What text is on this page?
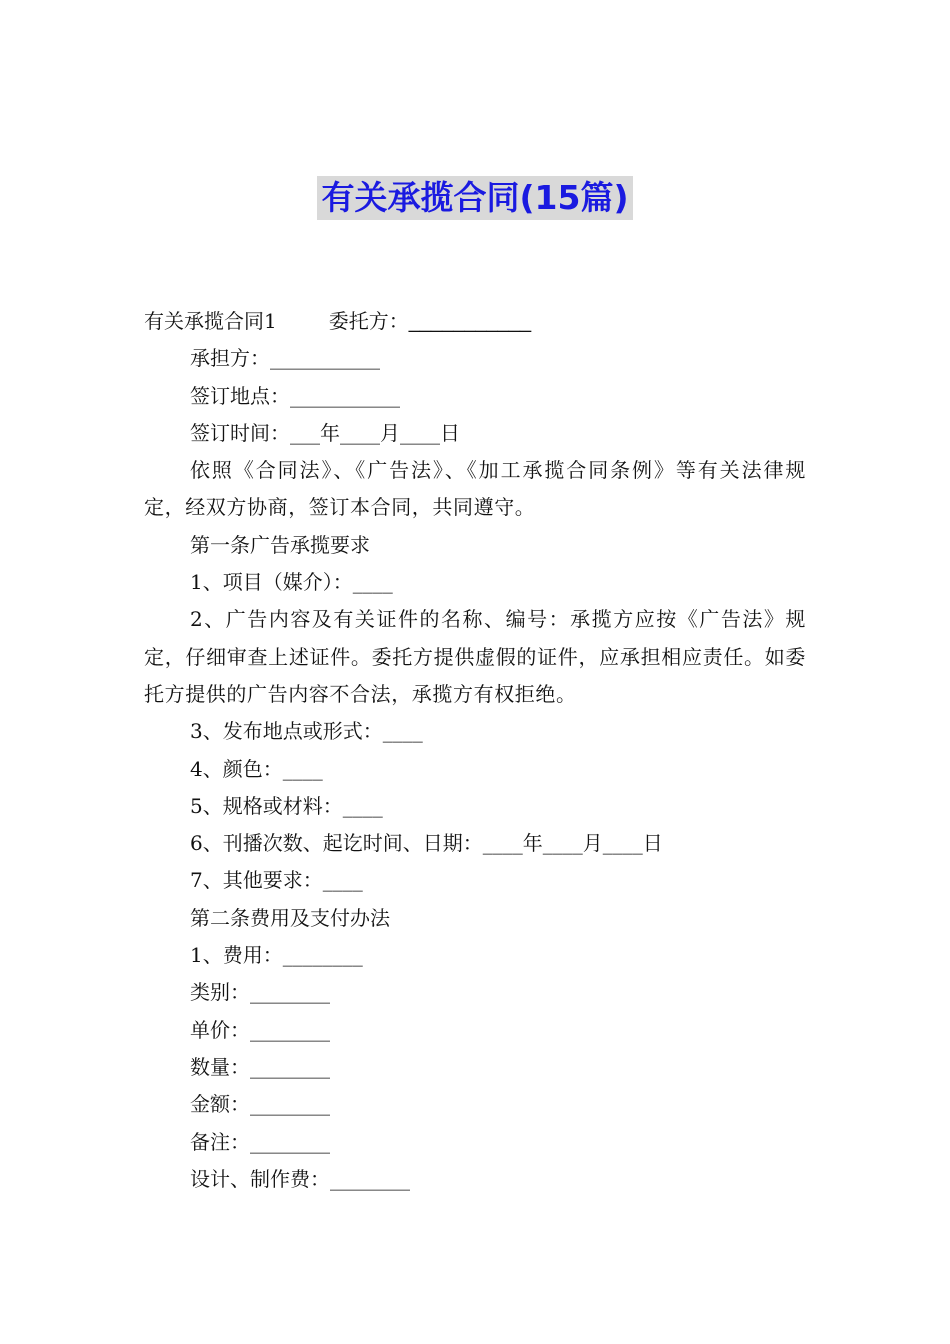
有关承揽合同(15篇)
有关承揽合同1	委托方：___________
承担方：___________
签订地点：___________
签订时间：___年____月____日
依照《合同法》、《广告法》、《加工承揽合同条例》等有关法律规定，经双方协商，签订本合同，共同遵守。
第一条广告承揽要求
1、项目（媒介）：____
2、广告内容及有关证件的名称、编号：承揽方应按《广告法》规定，仔细审查上述证件。委托方提供虚假的证件，应承担相应责任。如委托方提供的广告内容不合法，承揽方有权拒绝。
3、发布地点或形式：____
4、颜色：____
5、规格或材料：____
6、刊播次数、起讫时间、日期：____年____月____日
7、其他要求：____
第二条费用及支付办法
1、费用：________
类别：________
单价：________
数量：________
金额：________
备注：________
设计、制作费：________
